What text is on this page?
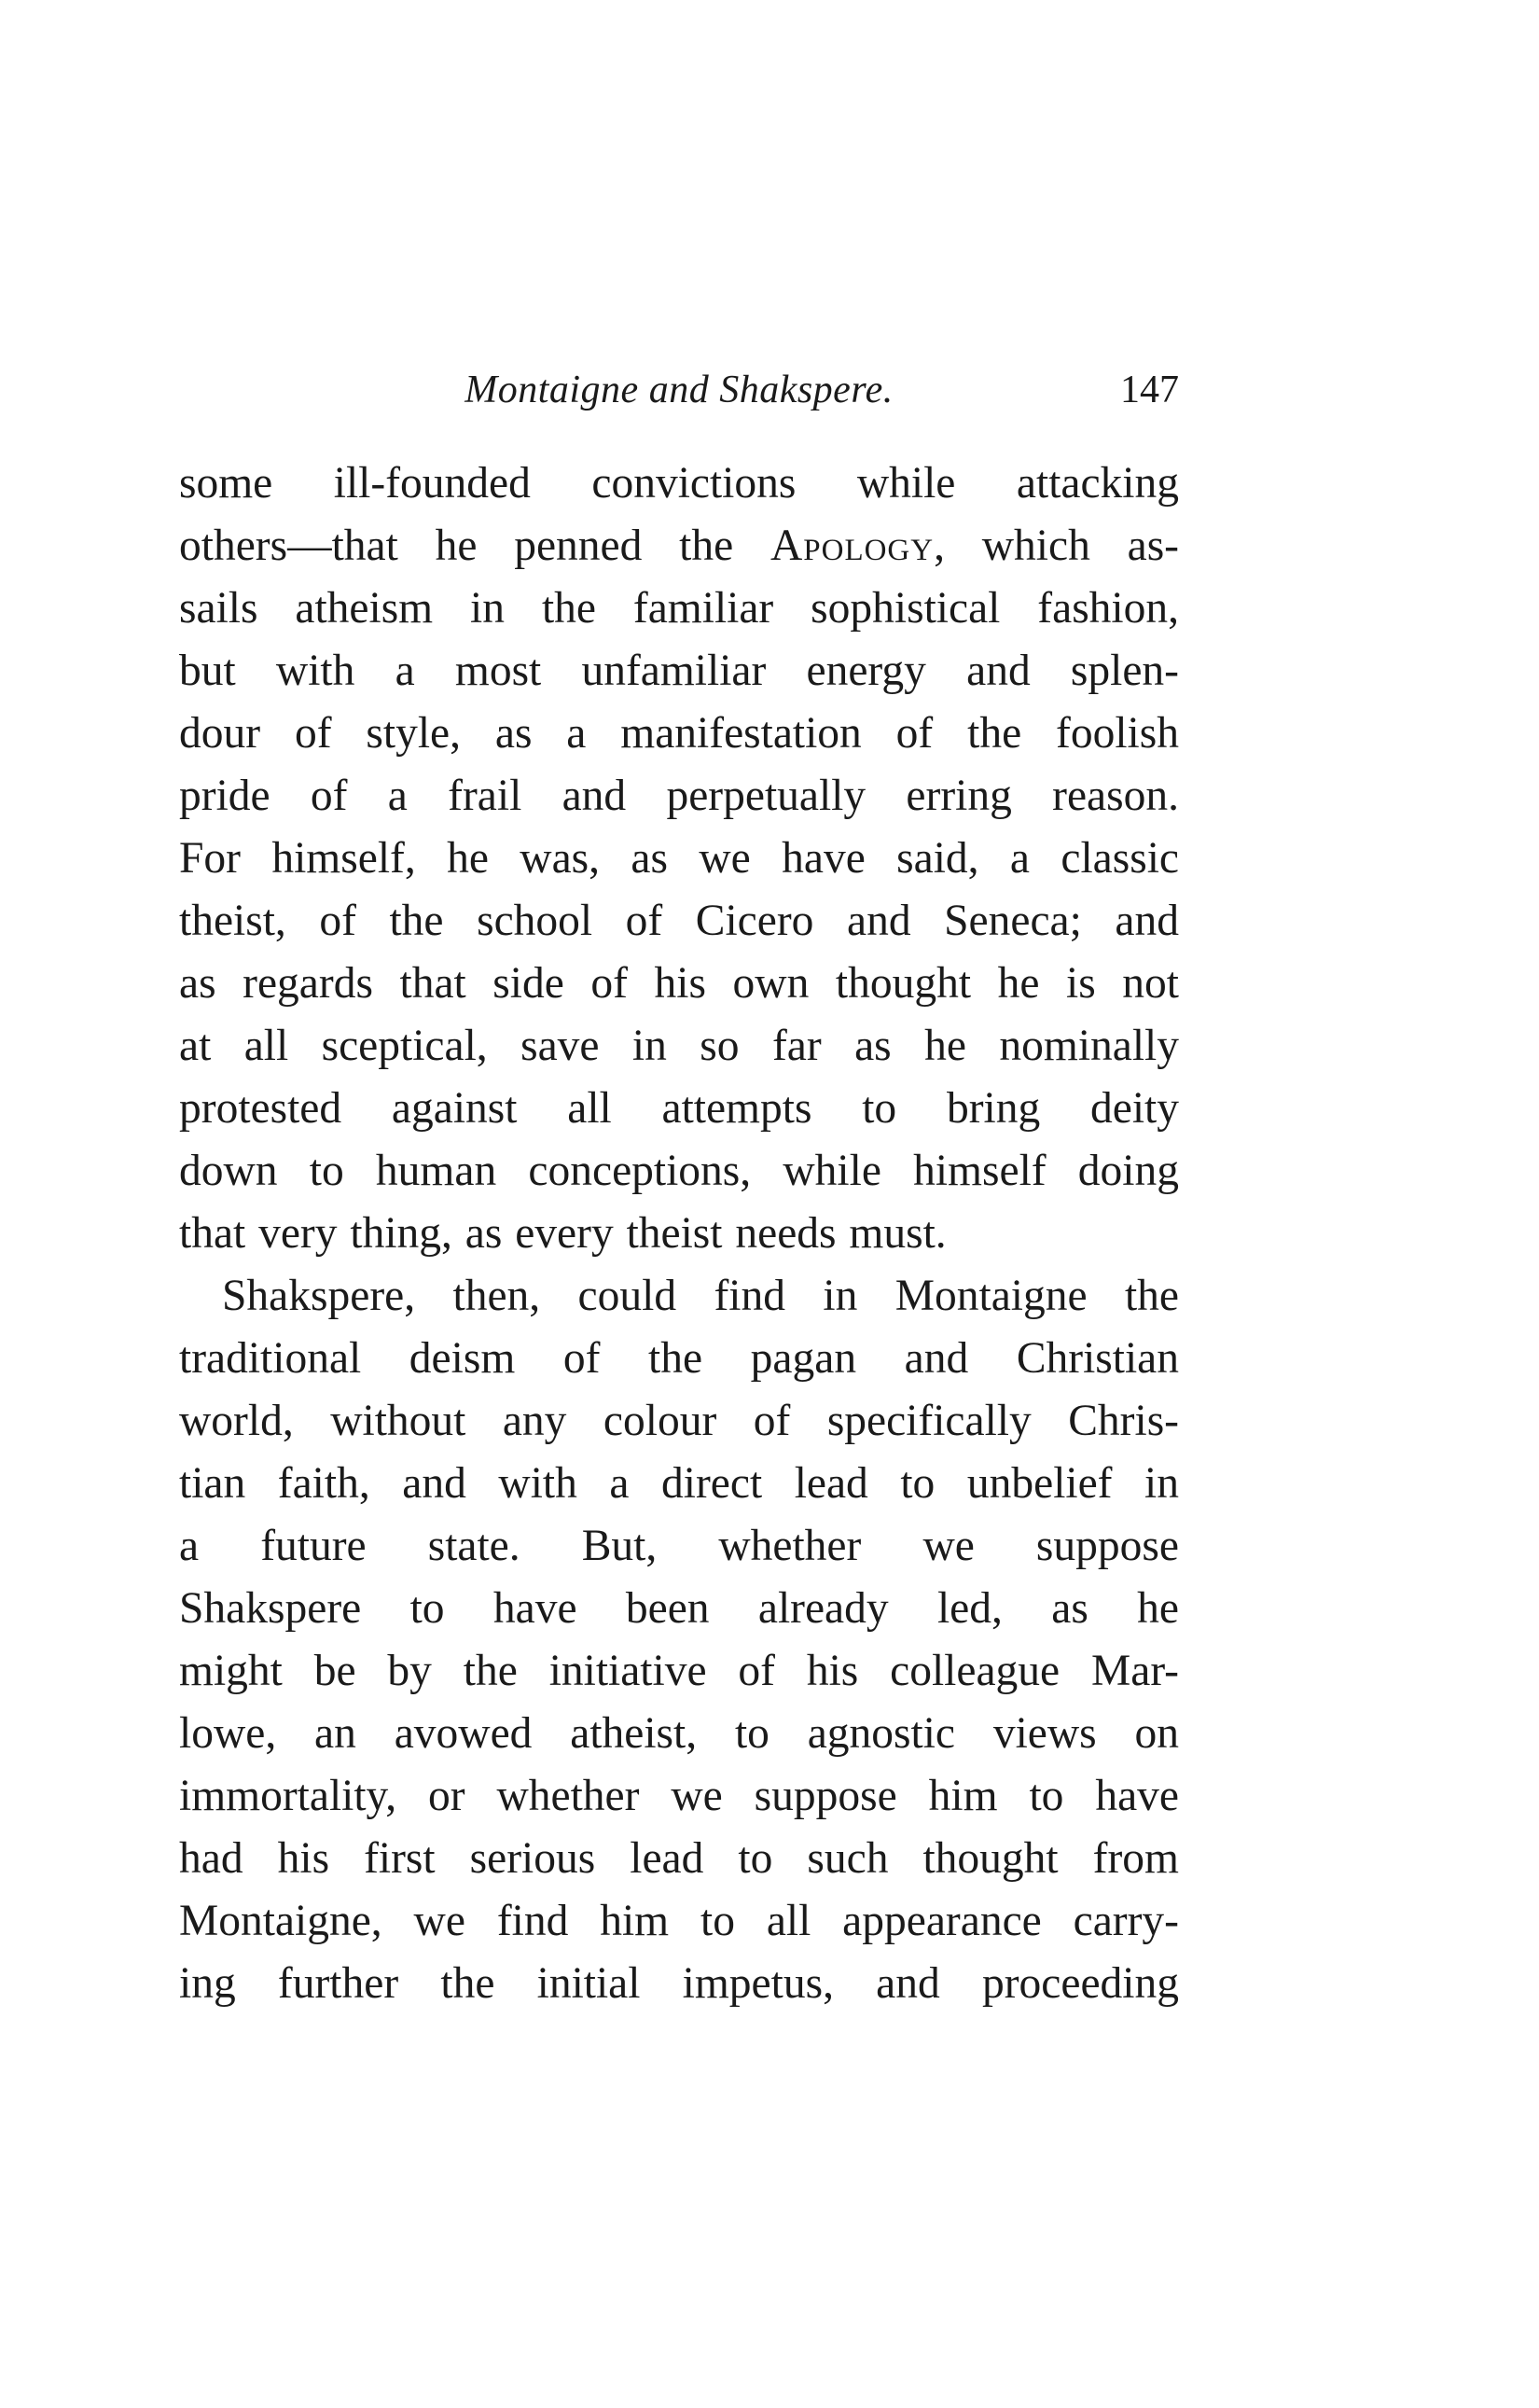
Montaigne and Shakspere.	147
some ill-founded convictions while attacking
others—that he penned the Apology, which as-
sails atheism in the familiar sophistical fashion,
but with a most unfamiliar energy and splen-
dour of style, as a manifestation of the foolish
pride of a frail and perpetually erring reason.
For himself, he was, as we have said, a classic
theist, of the school of Cicero and Seneca; and
as regards that side of his own thought he is not
at all sceptical, save in so far as he nominally
protested against all attempts to bring deity
down to human conceptions, while himself doing
that very thing, as every theist needs must.
Shakspere, then, could find in Montaigne the
traditional deism of the pagan and Christian
world, without any colour of specifically Chris-
tian faith, and with a direct lead to unbelief in
a future state. But, whether we suppose
Shakspere to have been already led, as he
might be by the initiative of his colleague Mar-
lowe, an avowed atheist, to agnostic views on
immortality, or whether we suppose him to have
had his first serious lead to such thought from
Montaigne, we find him to all appearance carry-
ing further the initial impetus, and proceeding
